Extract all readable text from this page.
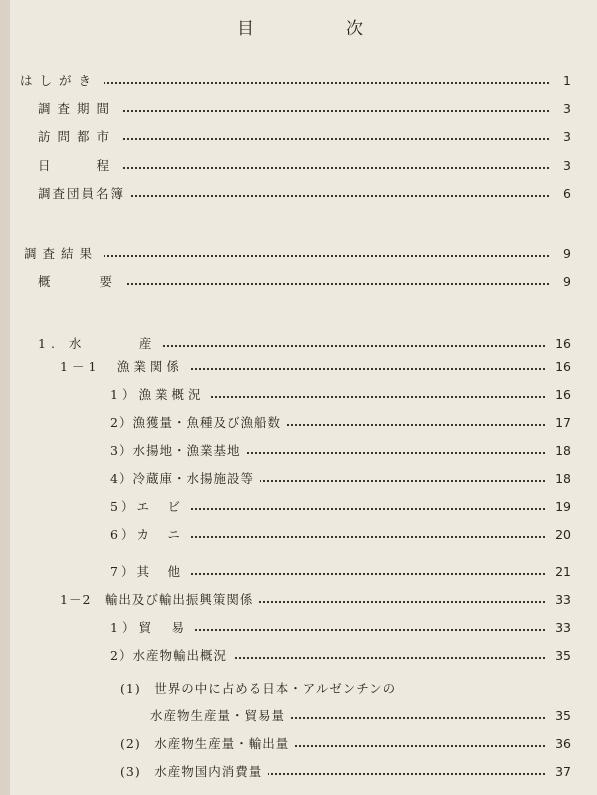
目	次
はしがき	1
調査期間	3
訪問都市	3
日　　程	3
調査団員名簿	6
調査結果	9
概　　要	9
1. 水　　　産	16
1－1　漁業関係	16
1）漁業概況	16
2）漁獲量・魚種及び漁船数	17
3）水揚地・漁業基地	18
4）冷蔵庫・水揚施設等	18
5）エ　ビ	19
6）カ　ニ	20
7）其　他	21
1－2　輸出及び輸出振興策関係	33
1）貿　易	33
2）水産物輸出概況	35
(1)　世界の中に占める日本・アルゼンチンの
水産物生産量・貿易量	35
(2)　水産物生産量・輸出量	36
(3)　水産物国内消費量	37
